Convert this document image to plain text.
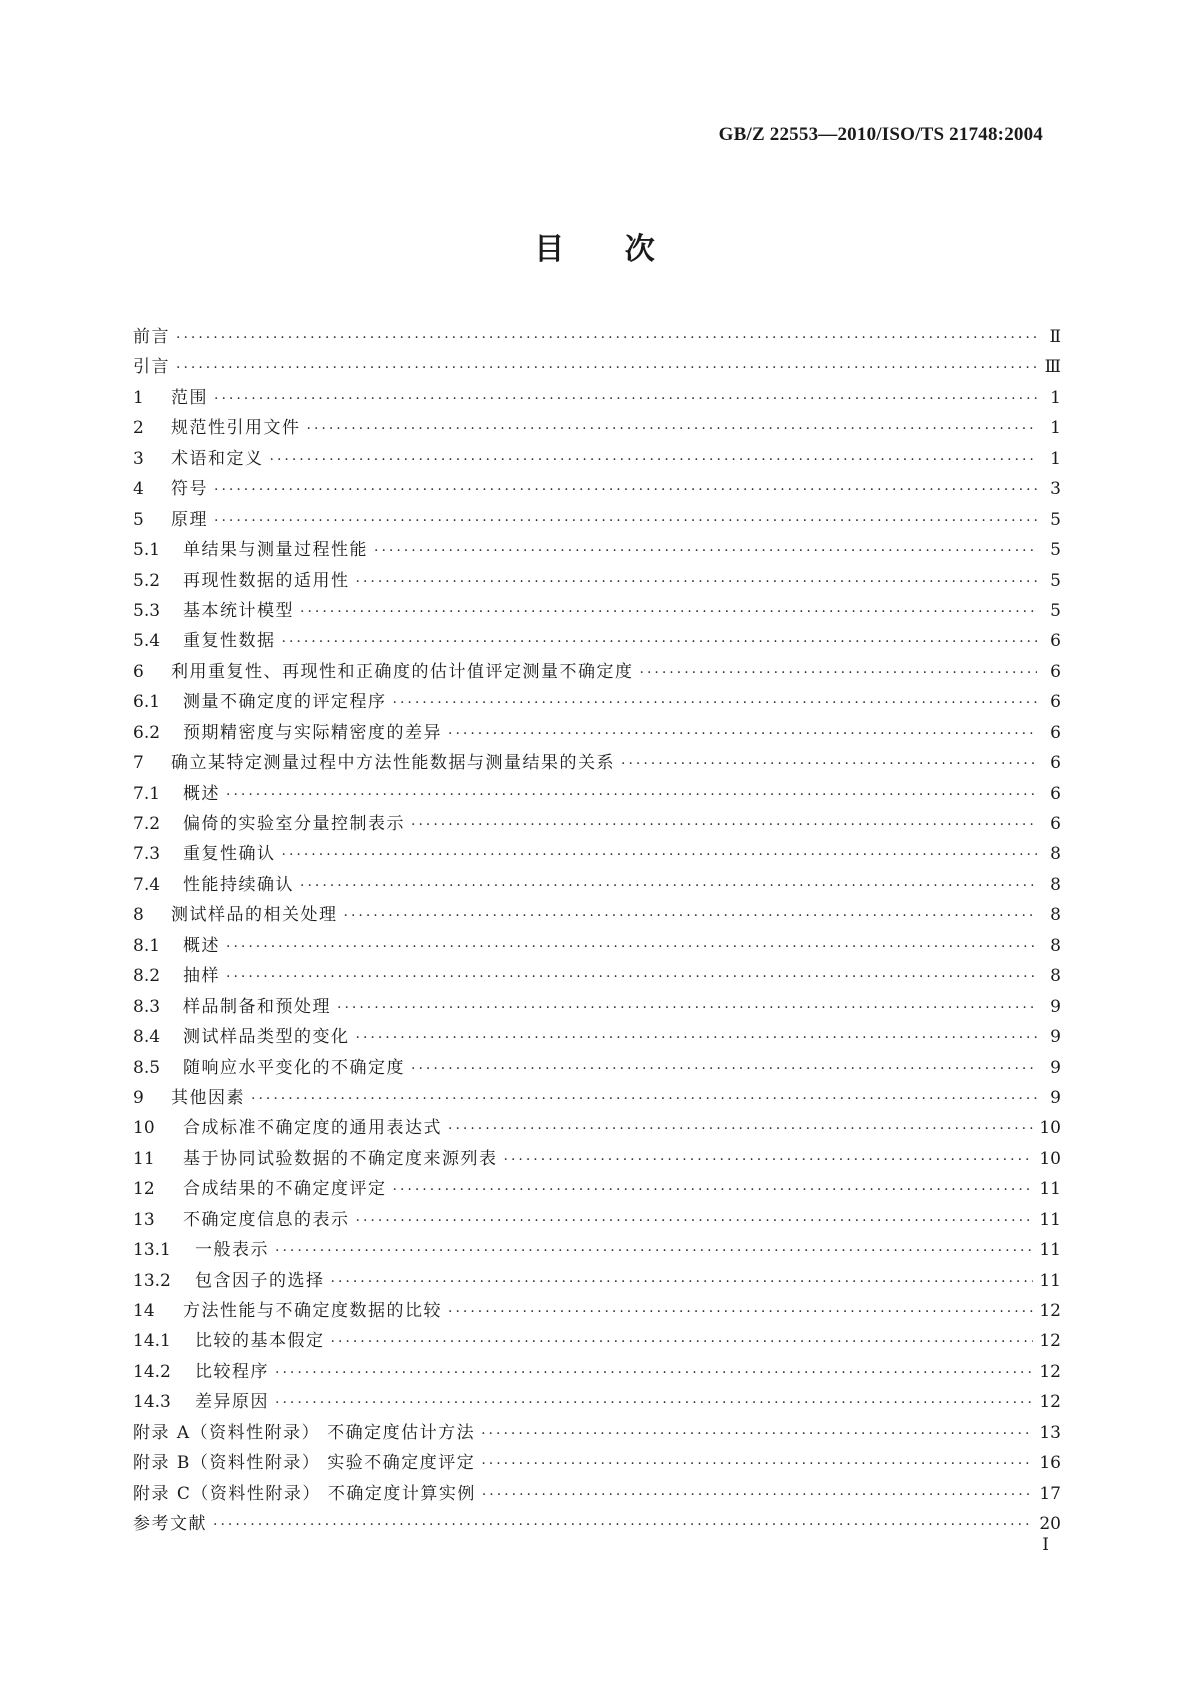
GB/Z 22553—2010/ISO/TS 21748:2004
目 次
前言 ·····	Ⅱ
引言 ·····	Ⅲ
1	范围 ·····	1
2	规范性引用文件 ·····	1
3	术语和定义 ·····	1
4	符号 ·····	3
5	原理 ·····	5
5.1	单结果与测量过程性能 ·····	5
5.2	再现性数据的适用性 ·····	5
5.3	基本统计模型 ·····	5
5.4	重复性数据 ·····	6
6	利用重复性、再现性和正确度的估计值评定测量不确定度 ·····	6
6.1	测量不确定度的评定程序 ·····	6
6.2	预期精密度与实际精密度的差异 ·····	6
7	确立某特定测量过程中方法性能数据与测量结果的关系 ·····	6
7.1	概述 ·····	6
7.2	偏倚的实验室分量控制表示 ·····	6
7.3	重复性确认 ·····	8
7.4	性能持续确认 ·····	8
8	测试样品的相关处理 ·····	8
8.1	概述 ·····	8
8.2	抽样 ·····	8
8.3	样品制备和预处理 ·····	9
8.4	测试样品类型的变化 ·····	9
8.5	随响应水平变化的不确定度 ·····	9
9	其他因素 ·····	9
10	合成标准不确定度的通用表达式 ·····	10
11	基于协同试验数据的不确定度来源列表 ·····	10
12	合成结果的不确定度评定 ·····	11
13	不确定度信息的表示 ·····	11
13.1	一般表示 ·····	11
13.2	包含因子的选择 ·····	11
14	方法性能与不确定度数据的比较 ·····	12
14.1	比较的基本假定 ·····	12
14.2	比较程序 ·····	12
14.3	差异原因 ·····	12
附录 A（资料性附录） 不确定度估计方法 ·····	13
附录 B（资料性附录） 实验不确定度评定 ·····	16
附录 C（资料性附录） 不确定度计算实例 ·····	17
参考文献 ·····	20
I
